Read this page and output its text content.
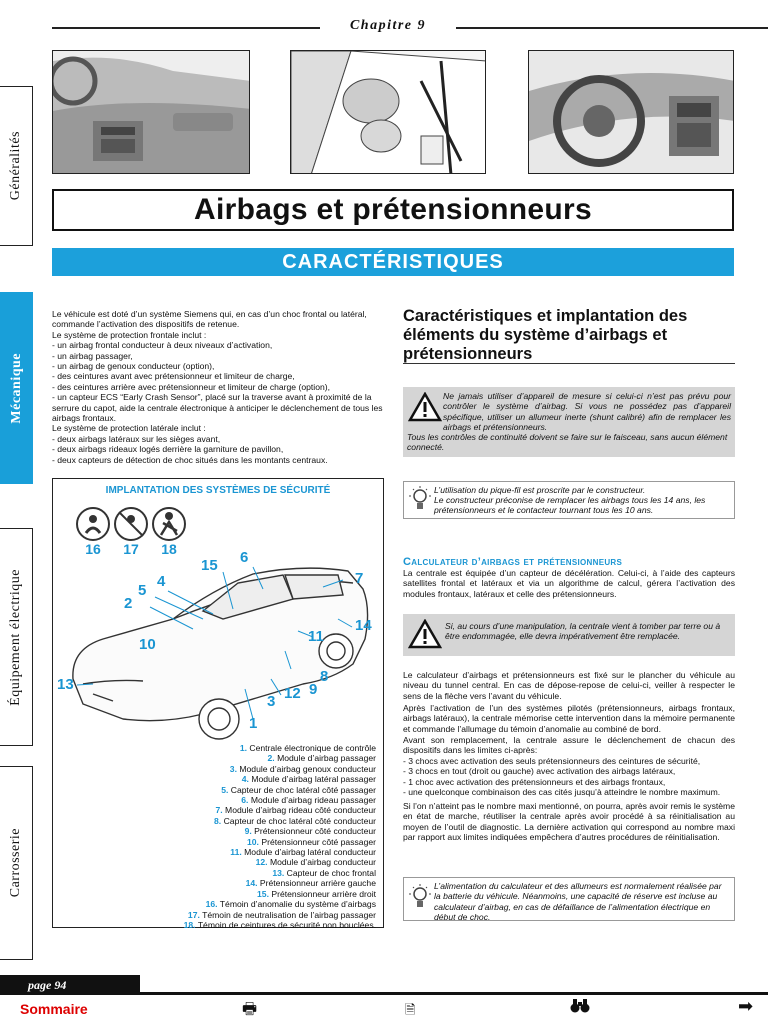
Chapitre 9
Généralités
Mécanique
Équipement électrique
Carrosserie
Airbags et prétensionneurs
CARACTÉRISTIQUES
Le véhicule est doté d’un système Siemens qui, en cas d’un choc frontal ou latéral, commande l’activation des dispositifs de retenue.
Le système de protection frontale inclut :
- un airbag frontal conducteur à deux niveaux d’activation,
- un airbag passager,
- un airbag de genoux conducteur (option),
- des ceintures avant avec prétensionneur et limiteur de charge,
- des ceintures arrière avec prétensionneur et limiteur de charge (option),
- un capteur ECS “Early Crash Sensor”, placé sur la traverse avant à proximité de la serrure du capot, aide la centrale électronique à anticiper le déclenchement de tous les airbags frontaux.
Le système de protection latérale inclut :
- deux airbags latéraux sur les sièges avant,
- deux airbags rideaux logés derrière la garniture de pavillon,
- deux capteurs de détection de choc situés dans les montants centraux.
IMPLANTATION DES SYSTÈMES DE SÉCURITÉ
16 17 18
1
2
3
4
5
6
7
8
9
10	11
12
13
14
15
1. Centrale électronique de contrôle
2. Module d’airbag passager
3. Module d’airbag genoux conducteur
4. Module d’airbag latéral passager
5. Capteur de choc latéral côté passager
6. Module d’airbag rideau passager
7. Module d’airbag rideau côté conducteur
8. Capteur de choc latéral côté conducteur
9. Prétensionneur côté conducteur
10. Prétensionneur côté passager
11. Module d’airbag latéral conducteur
12. Module d’airbag conducteur
13. Capteur de choc frontal
14. Prétensionneur arrière gauche
15. Prétensionneur arrière droit
16. Témoin d’anomalie du système d’airbags
17. Témoin de neutralisation de l’airbag passager
18. Témoin de ceintures de sécurité non bouclées.
Caractéristiques et implantation des éléments du système d’airbags et prétensionneurs
Ne jamais utiliser d’appareil de mesure si celui-ci n’est pas prévu pour contrôler le système d’airbag. Si vous ne possédez pas d’appareil spécifique, utiliser un allumeur inerte (shunt calibré) afin de remplacer les airbags et prétensionneurs.
Tous les contrôles de continuité doivent se faire sur le faisceau, sans aucun élément connecté.
L’utilisation du pique-fil est proscrite par le constructeur.
Le constructeur préconise de remplacer les airbags tous les 14 ans, les prétensionneurs et le contacteur tournant tous les 10 ans.
Calculateur d’airbags et prétensionneurs
La centrale est équipée d’un capteur de décélération. Celui-ci, à l’aide des capteurs satellites frontal et latéraux et via un algorithme de calcul, gérera l’activation des modules frontaux, latéraux et celle des prétensionneurs.
Si, au cours d’une manipulation, la centrale vient à tomber par terre ou à être endommagée, elle devra impérativement être remplacée.
Le calculateur d’airbags et prétensionneurs est fixé sur le plancher du véhicule au niveau du tunnel central. En cas de dépose-repose de celui-ci, veiller à respecter le sens de la flèche vers l’avant du véhicule.
Après l’activation de l’un des systèmes pilotés (prétensionneurs, airbags frontaux, airbags latéraux), la centrale mémorise cette intervention dans la mémoire permanente et commande l’allumage du témoin d’anomalie au combiné de bord.
Avant son remplacement, la centrale assure le déclenchement de chacun des dispositifs dans les limites ci-après:
- 3 chocs avec activation des seuls prétensionneurs des ceintures de sécurité,
- 3 chocs en tout (droit ou gauche) avec activation des airbags latéraux,
- 1 choc avec activation des prétensionneurs et des airbags frontaux,
- une quelconque combinaison des cas cités jusqu’à atteindre le nombre maximum.
Si l’on n’atteint pas le nombre maxi mentionné, on pourra, après avoir remis le système en état de marche, réutiliser la centrale après avoir procédé à sa réinitialisation au moyen de l’outil de diagnostic. La dernière activation qui correspond au nombre maxi par rapport aux limites indiquées empêchera d’autres procédures de réinitialisation.
L’alimentation du calculateur et des allumeurs est normalement réalisée par la batterie du véhicule. Néanmoins, une capacité de réserve est incluse au calculateur d’airbag, en cas de défaillance de l’alimentation électrique en début de choc.
page 94
Sommaire	🖶	🗎	➡
